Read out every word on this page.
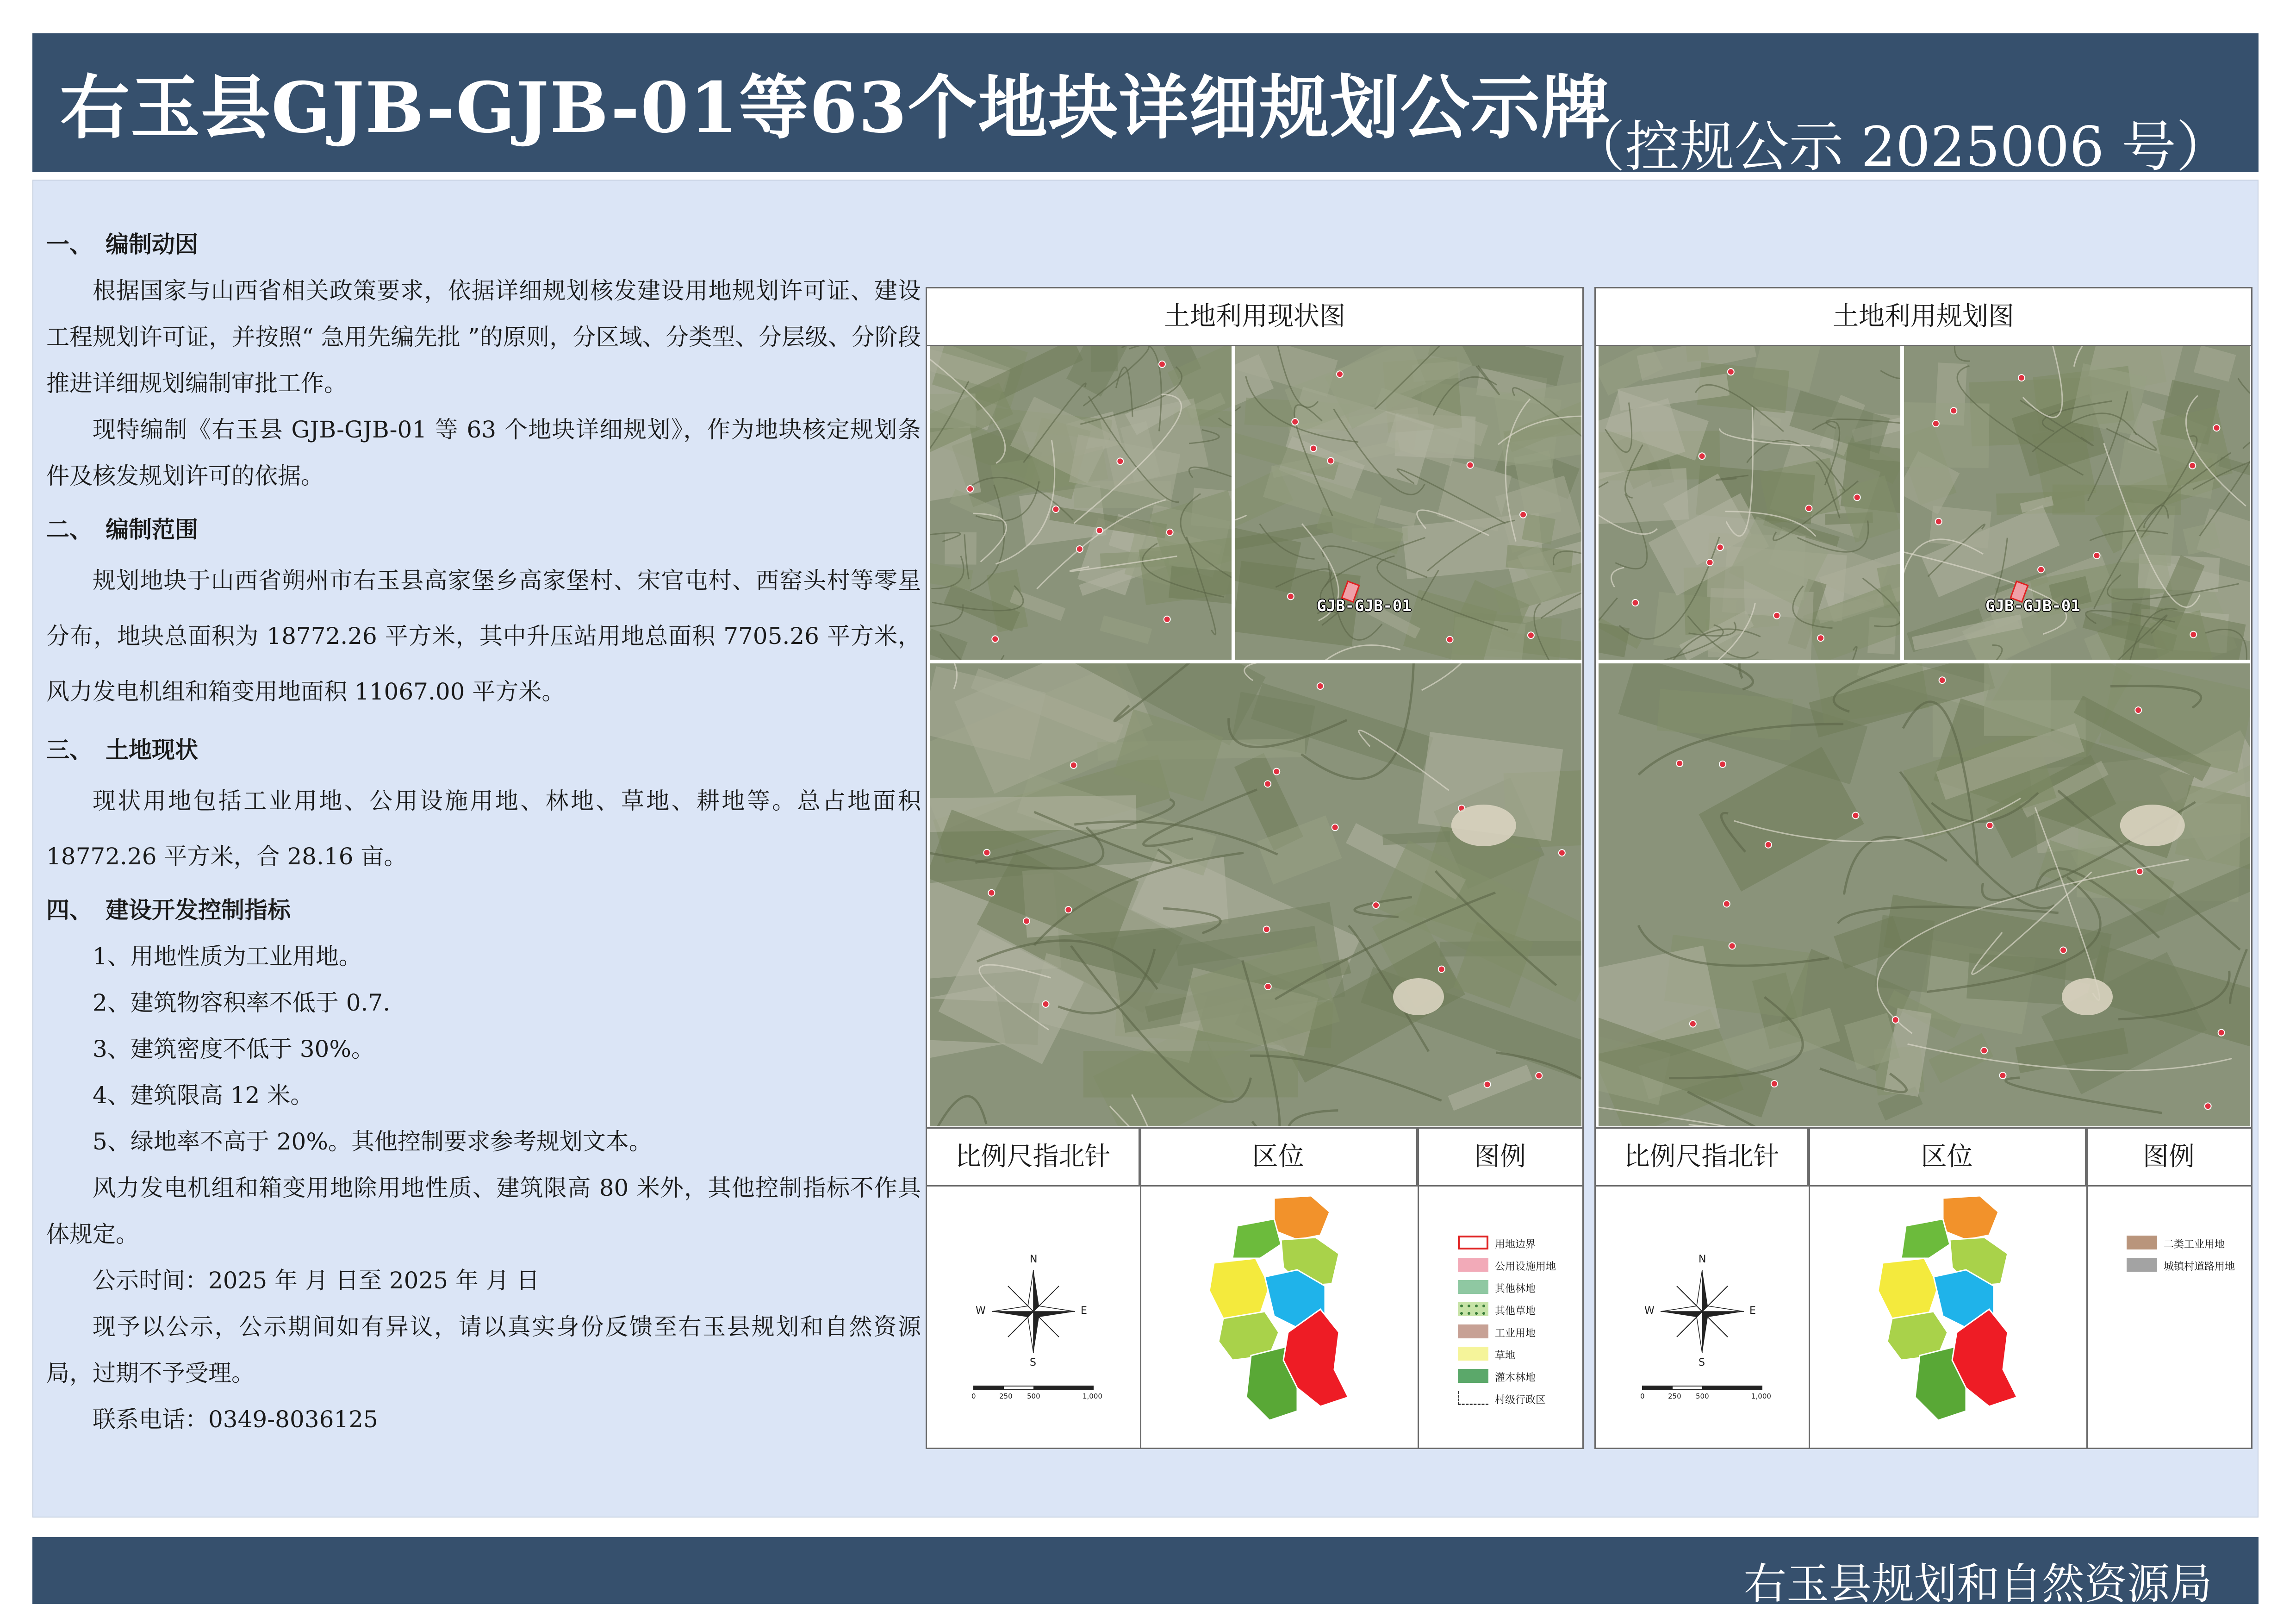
右玉县GJB-GJB-01等63个地块详细规划公示牌
（控规公示 2025006 号）
一、 编制动因

根据国家与山西省相关政策要求，依据详细规划核发建设用地规划许可证、建设工程规划许可证，并按照“ 急用先编先批 ”的原则，分区域、分类型、分层级、分阶段推进详细规划编制审批工作。

现特编制《右玉县 GJB-GJB-01 等 63 个地块详细规划》，作为地块核定规划条件及核发规划许可的依据。

二、 编制范围

规划地块于山西省朔州市右玉县高家堡乡高家堡村、宋官屯村、西窑头村等零星分布，地块总面积为 18772.26 平方米，其中升压站用地总面积 7705.26 平方米，风力发电机组和箱变用地面积 11067.00 平方米。

三、 土地现状

现状用地包括工业用地、公用设施用地、林地、草地、耕地等。总占地面积18772.26 平方米，合 28.16 亩。

四、 建设开发控制指标

1、用地性质为工业用地。

2、建筑物容积率不低于 0.7.

3、建筑密度不低于 30%。

4、建筑限高 12 米。

5、绿地率不高于 20%。其他控制要求参考规划文本。

风力发电机组和箱变用地除用地性质、建筑限高 80 米外，其他控制指标不作具体规定。

公示时间：2025 年 月 日至 2025 年 月 日

现予以公示，公示期间如有异议，请以真实身份反馈至右玉县规划和自然资源局，过期不予受理。

联系电话：0349-8036125

土地利用现状图
GJB-GJB-01
比例尺指北针	区位	图例
N
S
W	E
0	250 500	1,000
用地边界
公用设施用地
其他林地
其他草地
工业用地
草地
灌木林地
村级行政区
土地利用规划图
GJB-GJB-01
比例尺指北针	区位	图例
N
S
W	E
0	250 500	1,000
二类工业用地
城镇村道路用地
右玉县规划和自然资源局
